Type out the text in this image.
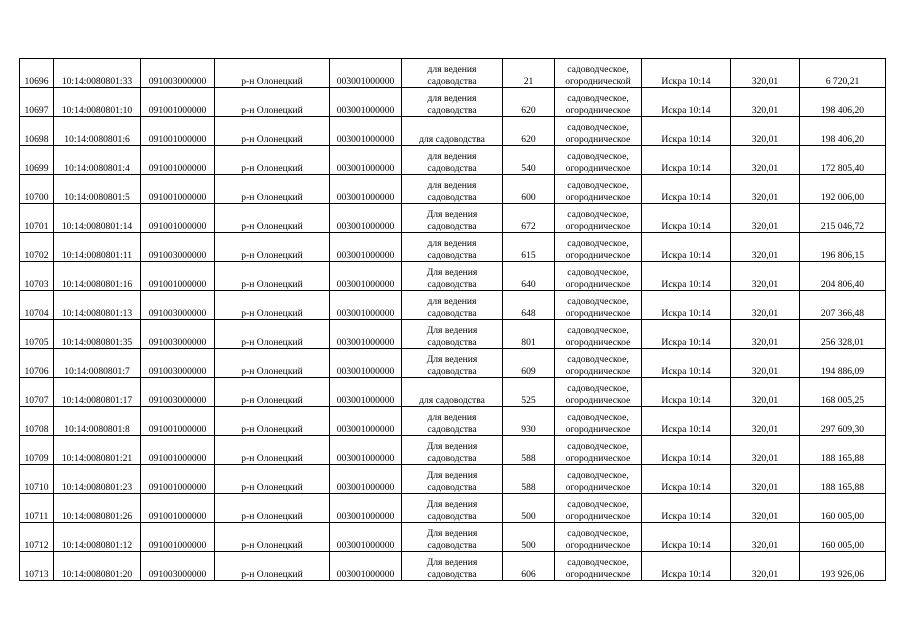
10696	10:14:0080801:33	091003000000	р-н Олонецкий	003001000000	для ведения
садоводства	21	садоводческое,
огороднической	Искра 10:14	320,01	6 720,21
10697	10:14:0080801:10	091001000000	р-н Олонецкий	003001000000	для ведения
садоводства	620	садоводческое,
огородническое	Искра 10:14	320,01	198 406,20
10698	10:14:0080801:6	091001000000	р-н Олонецкий	003001000000	для садоводства	620	садоводческое,
огородническое	Искра 10:14	320,01	198 406,20
10699	10:14:0080801:4	091001000000	р-н Олонецкий	003001000000	для ведения
садоводства	540	садоводческое,
огородническое	Искра 10:14	320,01	172 805,40
10700	10:14:0080801:5	091001000000	р-н Олонецкий	003001000000	для ведения
садоводства	600	садоводческое,
огородническое	Искра 10:14	320,01	192 006,00
10701	10:14:0080801:14	091001000000	р-н Олонецкий	003001000000	Для ведения
садоводства	672	садоводческое,
огородническое	Искра 10:14	320,01	215 046,72
10702	10:14:0080801:11	091003000000	р-н Олонецкий	003001000000	для ведения
садоводства	615	садоводческое,
огородническое	Искра 10:14	320,01	196 806,15
10703	10:14:0080801:16	091001000000	р-н Олонецкий	003001000000	Для ведения
садоводства	640	садоводческое,
огородническое	Искра 10:14	320,01	204 806,40
10704	10:14:0080801:13	091003000000	р-н Олонецкий	003001000000	для ведения
садоводства	648	садоводческое,
огородническое	Искра 10:14	320,01	207 366,48
10705	10:14:0080801:35	091003000000	р-н Олонецкий	003001000000	Для ведения
садоводства	801	садоводческое,
огородническое	Искра 10:14	320,01	256 328,01
10706	10:14:0080801:7	091003000000	р-н Олонецкий	003001000000	Для ведения
садоводства	609	садоводческое,
огородническое	Искра 10:14	320,01	194 886,09
10707	10:14:0080801:17	091003000000	р-н Олонецкий	003001000000	для садоводства	525	садоводческое,
огородническое	Искра 10:14	320,01	168 005,25
10708	10:14:0080801:8	091001000000	р-н Олонецкий	003001000000	для ведения
садоводства	930	садоводческое,
огородническое	Искра 10:14	320,01	297 609,30
10709	10:14:0080801:21	091001000000	р-н Олонецкий	003001000000	Для ведения
садоводства	588	садоводческое,
огородническое	Искра 10:14	320,01	188 165,88
10710	10:14:0080801:23	091001000000	р-н Олонецкий	003001000000	Для ведения
садоводства	588	садоводческое,
огородническое	Искра 10:14	320,01	188 165,88
10711	10:14:0080801:26	091001000000	р-н Олонецкий	003001000000	Для ведения
садоводства	500	садоводческое,
огородническое	Искра 10:14	320,01	160 005,00
10712	10:14:0080801:12	091001000000	р-н Олонецкий	003001000000	Для ведения
садоводства	500	садоводческое,
огородническое	Искра 10:14	320,01	160 005,00
10713	10:14:0080801:20	091003000000	р-н Олонецкий	003001000000	Для ведения
садоводства	606	садоводческое,
огородническое	Искра 10:14	320,01	193 926,06
